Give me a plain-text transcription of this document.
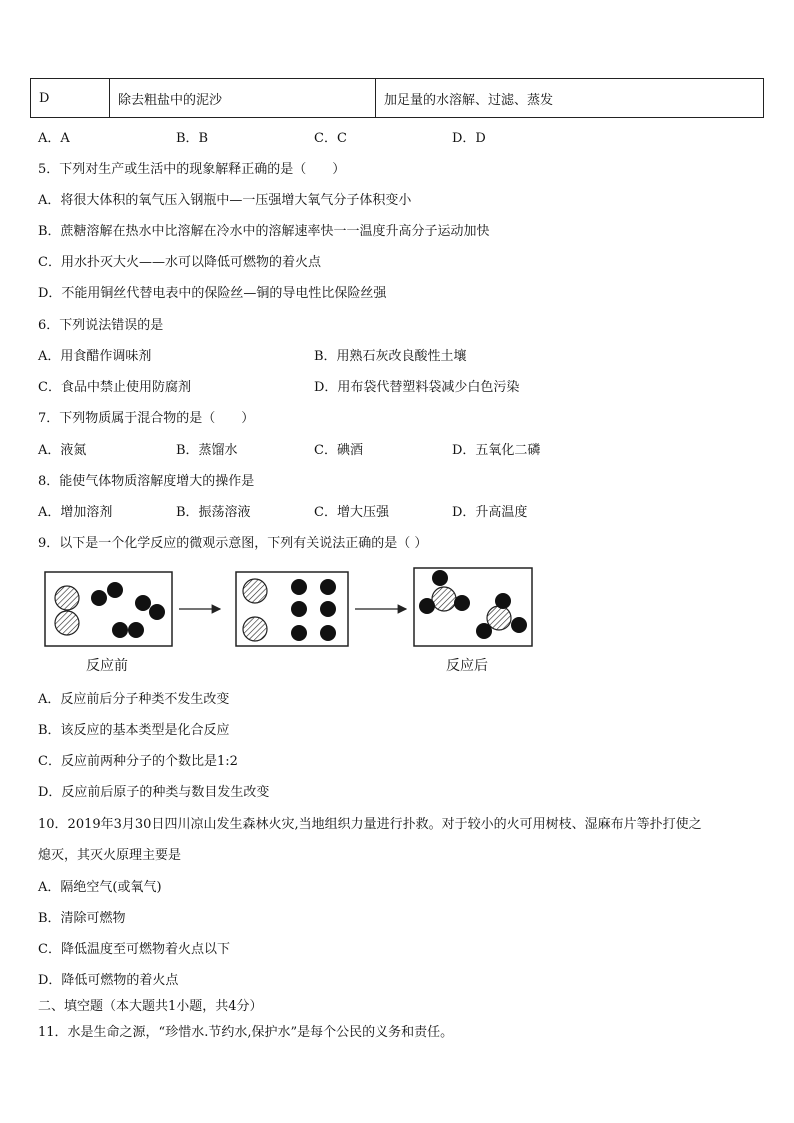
D	除去粗盐中的泥沙	加足量的水溶解、过滤、蒸发
A．A	B．B	C．C	D．D
5．下列对生产或生活中的现象解释正确的是（　　）
A．将很大体积的氧气压入钢瓶中—一压强增大氧气分子体积变小
B．蔗糖溶解在热水中比溶解在冷水中的溶解速率快一一温度升高分子运动加快
C．用水扑灭大火——水可以降低可燃物的着火点
D．不能用铜丝代替电表中的保险丝—铜的导电性比保险丝强
6．下列说法错误的是
A．用食醋作调味剂	B．用熟石灰改良酸性土壤
C．食品中禁止使用防腐剂	D．用布袋代替塑料袋减少白色污染
7．下列物质属于混合物的是（　　）
A．液氮	B．蒸馏水	C．碘酒	D．五氧化二磷
8．能使气体物质溶解度增大的操作是
A．增加溶剂	B．振荡溶液	C．增大压强	D．升高温度
9．以下是一个化学反应的微观示意图，下列有关说法正确的是（ ）
反应前	反应后
A．反应前后分子种类不发生改变
B．该反应的基本类型是化合反应
C．反应前两种分子的个数比是1:2
D．反应前后原子的种类与数目发生改变
10．2019年3月30日四川凉山发生森林火灾,当地组织力量进行扑救。对于较小的火可用树枝、湿麻布片等扑打使之
熄灭，其灭火原理主要是
A．隔绝空气(或氧气)
B．清除可燃物
C．降低温度至可燃物着火点以下
D．降低可燃物的着火点
二、填空题（本大题共1小题，共4分）
11．水是生命之源，“珍惜水.节约水,保护水”是每个公民的义务和责任。
